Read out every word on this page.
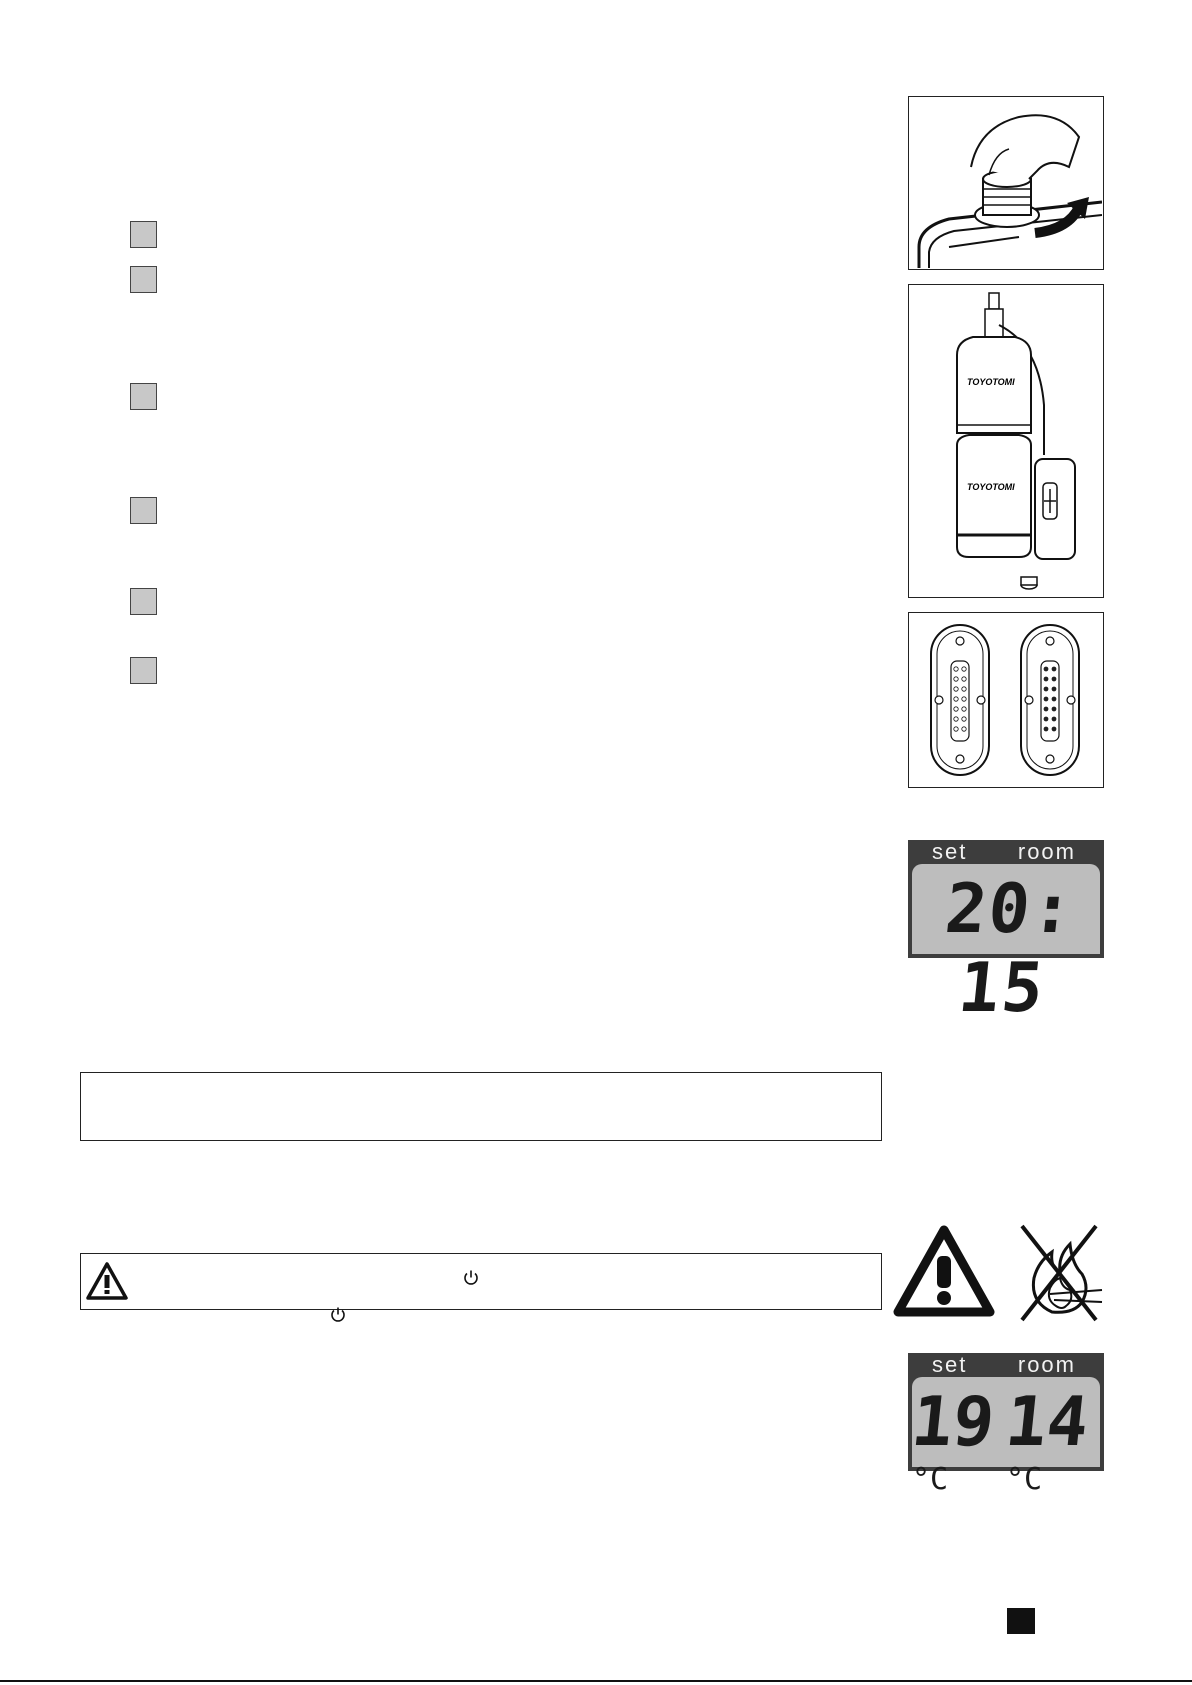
TOYOTOMI
TOYOTOMI
set room
20: 15
set room
19°C
14°C
